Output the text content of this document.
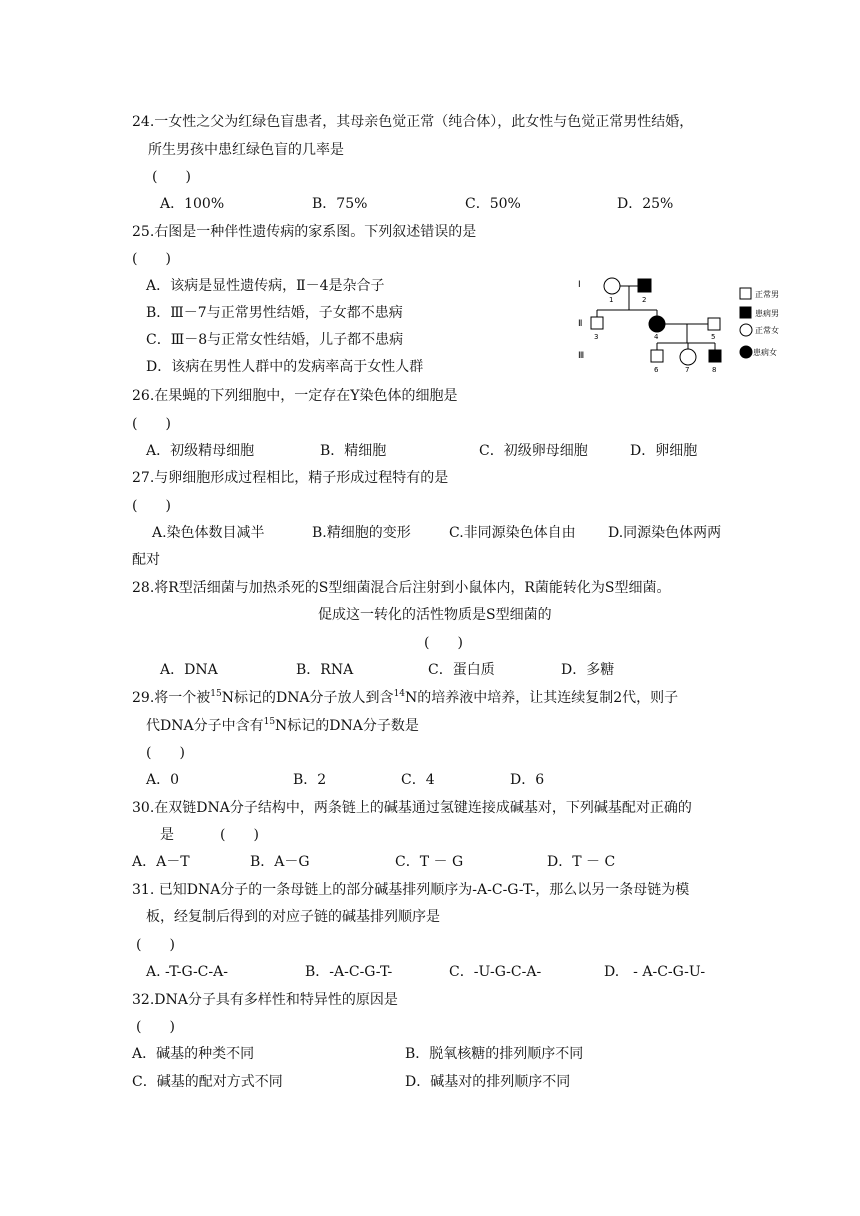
24.一女性之父为红绿色盲患者，其母亲色觉正常（纯合体），此女性与色觉正常男性结婚，
所生男孩中患红绿色盲的几率是
(　　)
A．100%	B．75%	C．50%	D．25%
25.右图是一种伴性遗传病的家系图。下列叙述错误的是
(　　)
A．该病是显性遗传病，Ⅱ－4是杂合子
B．Ⅲ－7与正常男性结婚，子女都不患病
C．Ⅲ－8与正常女性结婚，儿子都不患病
D．该病在男性人群中的发病率高于女性人群
Ⅰ
Ⅱ
Ⅲ
1	2
3	4	5
6	7	8
正常男
患病男
正常女
患病女
26.在果蝇的下列细胞中，一定存在Y染色体的细胞是
(　　)
A．初级精母细胞	B．精细胞	C．初级卵母细胞	D．卵细胞
27.与卵细胞形成过程相比，精子形成过程特有的是
(　　)
A.染色体数目减半	B.精细胞的变形	C.非同源染色体自由 D.同源染色体两两
配对
28.将R型活细菌与加热杀死的S型细菌混合后注射到小鼠体内，R菌能转化为S型细菌。
促成这一转化的活性物质是S型细菌的
(　　)
A．DNA	B．RNA	C．蛋白质	D．多糖
29.将一个被$^{15}$N标记的DNA分子放人到含$^{14}$N的培养液中培养，让其连续复制2代，则子
代DNA分子中含有$^{15}$N标记的DNA分子数是
(　　)
A．0	B．2	C．4	D．6
30.在双链DNA分子结构中，两条链上的碱基通过氢键连接成碱基对，下列碱基配对正确的
是	(　　)
A．A－T	B．A－G	C．T － G	D．T － C
31. 已知DNA分子的一条母链上的部分碱基排列顺序为-A-C-G-T-，那么以另一条母链为模
板，经复制后得到的对应子链的碱基排列顺序是
(　　)
A. -T-G-C-A-	B．-A-C-G-T-	C．-U-G-C-A-	D.　- A-C-G-U-
32.DNA分子具有多样性和特异性的原因是
(　　)
A．碱基的种类不同	B．脱氧核糖的排列顺序不同
C．碱基的配对方式不同	D．碱基对的排列顺序不同
